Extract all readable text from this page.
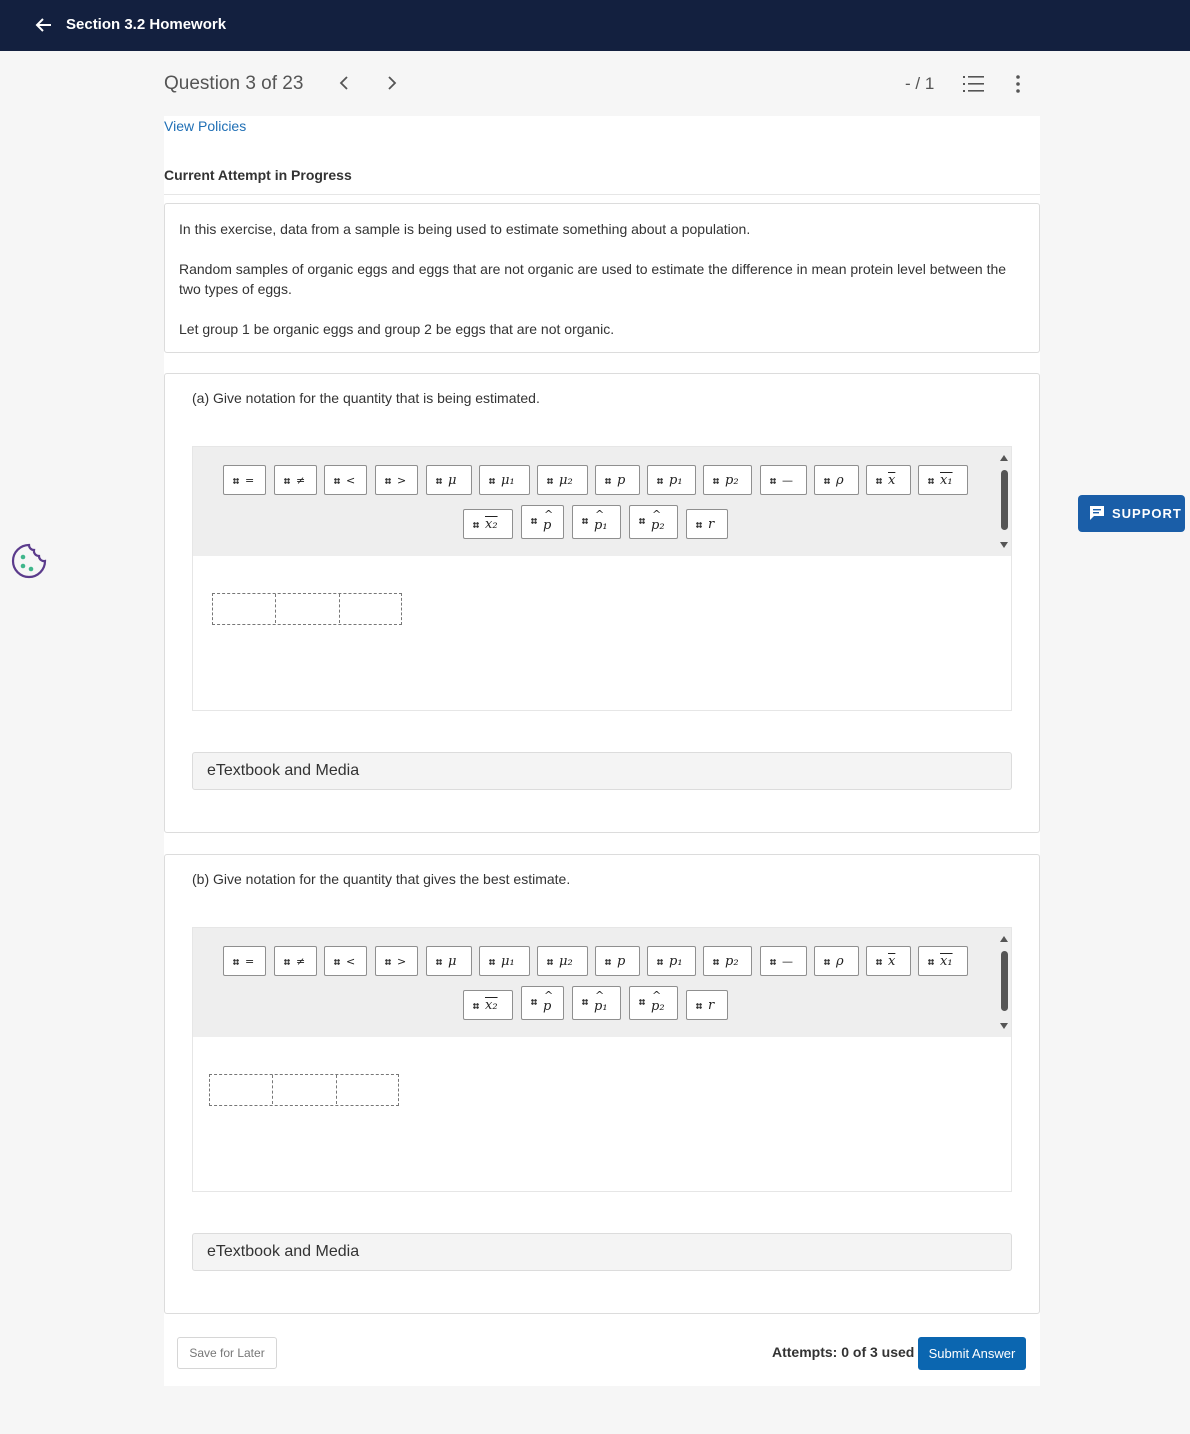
Section 3.2 Homework
Question 3 of 23	- / 1
View Policies
Current Attempt in Progress

In this exercise, data from a sample is being used to estimate something about a population.

Random samples of organic eggs and eggs that are not organic are used to estimate the difference in mean protein level between the two types of eggs.

Let group 1 be organic eggs and group 2 be eggs that are not organic.

(a) Give notation for the quantity that is being estimated.
=	≠	<	>	μ	μ₁	μ₂	p	p₁	p₂	—	ρ	$\overline{x}$	x₁
x₂	^ p	^ p₁	^ p₂	r
eTextbook and Media
(b) Give notation for the quantity that gives the best estimate.
=	≠	<	>	μ	μ₁	μ₂	p	p₁	p₂	—	ρ	$\overline{x}$	x₁
x₂	^ p	^ p₁	^ p₂	r
eTextbook and Media
Save for Later	Attempts: 0 of 3 used	Submit Answer
SUPPORT
